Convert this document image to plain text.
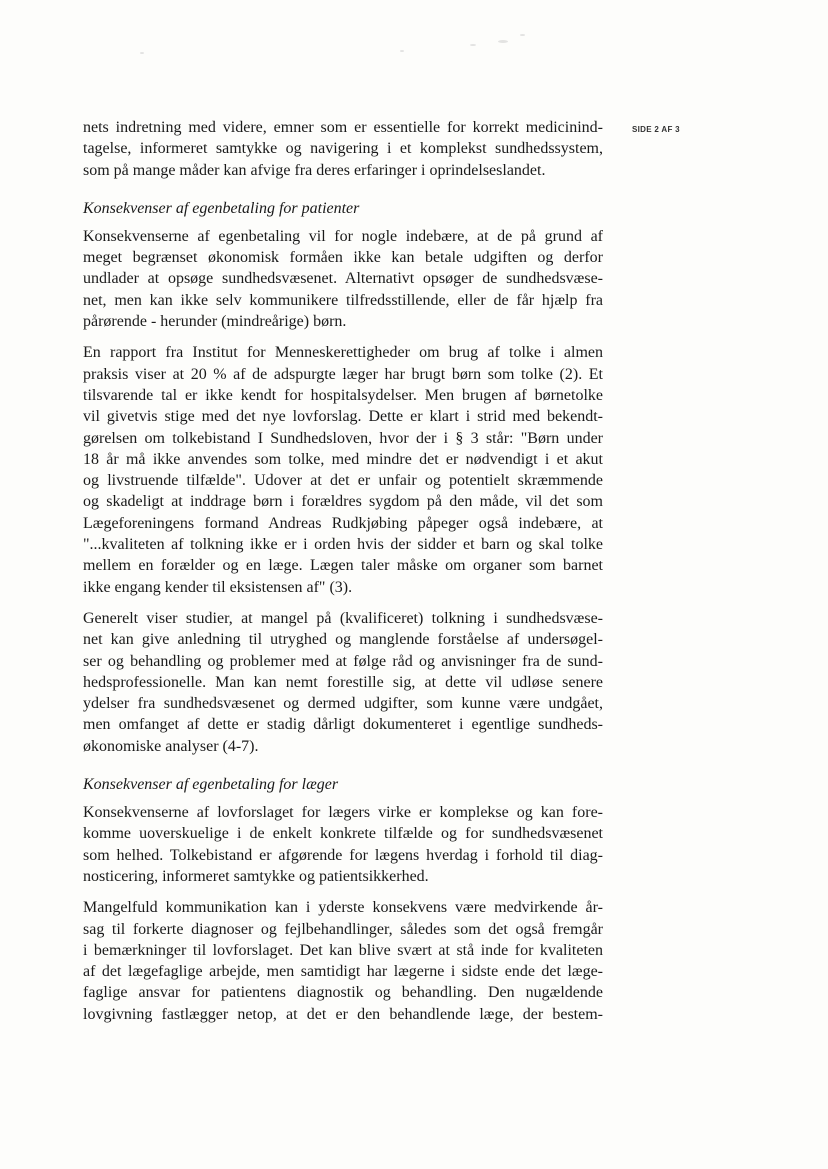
SIDE 2 AF 3
nets indretning med videre, emner som er essentielle for korrekt medicinind-
tagelse, informeret samtykke og navigering i et komplekst sundhedssystem,
som på mange måder kan afvige fra deres erfaringer i oprindelseslandet.
Konsekvenser af egenbetaling for patienter
Konsekvenserne af egenbetaling vil for nogle indebære, at de på grund af
meget begrænset økonomisk formåen ikke kan betale udgiften og derfor
undlader at opsøge sundhedsvæsenet. Alternativt opsøger de sundhedsvæse-
net, men kan ikke selv kommunikere tilfredsstillende, eller de får hjælp fra
pårørende - herunder (mindreårige) børn.
En rapport fra Institut for Menneskerettigheder om brug af tolke i almen
praksis viser at 20 % af de adspurgte læger har brugt børn som tolke (2). Et
tilsvarende tal er ikke kendt for hospitalsydelser. Men brugen af børnetolke
vil givetvis stige med det nye lovforslag. Dette er klart i strid med bekendt-
gørelsen om tolkebistand I Sundhedsloven, hvor der i § 3 står: "Børn under
18 år må ikke anvendes som tolke, med mindre det er nødvendigt i et akut
og livstruende tilfælde". Udover at det er unfair og potentielt skræmmende
og skadeligt at inddrage børn i forældres sygdom på den måde, vil det som
Lægeforeningens formand Andreas Rudkjøbing påpeger også indebære, at
"...kvaliteten af tolkning ikke er i orden hvis der sidder et barn og skal tolke
mellem en forælder og en læge. Lægen taler måske om organer som barnet
ikke engang kender til eksistensen af" (3).
Generelt viser studier, at mangel på (kvalificeret) tolkning i sundhedsvæse-
net kan give anledning til utryghed og manglende forståelse af undersøgel-
ser og behandling og problemer med at følge råd og anvisninger fra de sund-
hedsprofessionelle. Man kan nemt forestille sig, at dette vil udløse senere
ydelser fra sundhedsvæsenet og dermed udgifter, som kunne være undgået,
men omfanget af dette er stadig dårligt dokumenteret i egentlige sundheds-
økonomiske analyser (4-7).
Konsekvenser af egenbetaling for læger
Konsekvenserne af lovforslaget for lægers virke er komplekse og kan fore-
komme uoverskuelige i de enkelt konkrete tilfælde og for sundhedsvæsenet
som helhed. Tolkebistand er afgørende for lægens hverdag i forhold til diag-
nosticering, informeret samtykke og patientsikkerhed.
Mangelfuld kommunikation kan i yderste konsekvens være medvirkende år-
sag til forkerte diagnoser og fejlbehandlinger, således som det også fremgår
i bemærkninger til lovforslaget. Det kan blive svært at stå inde for kvaliteten
af det lægefaglige arbejde, men samtidigt har lægerne i sidste ende det læge-
faglige ansvar for patientens diagnostik og behandling. Den nugældende
lovgivning fastlægger netop, at det er den behandlende læge, der bestem-
